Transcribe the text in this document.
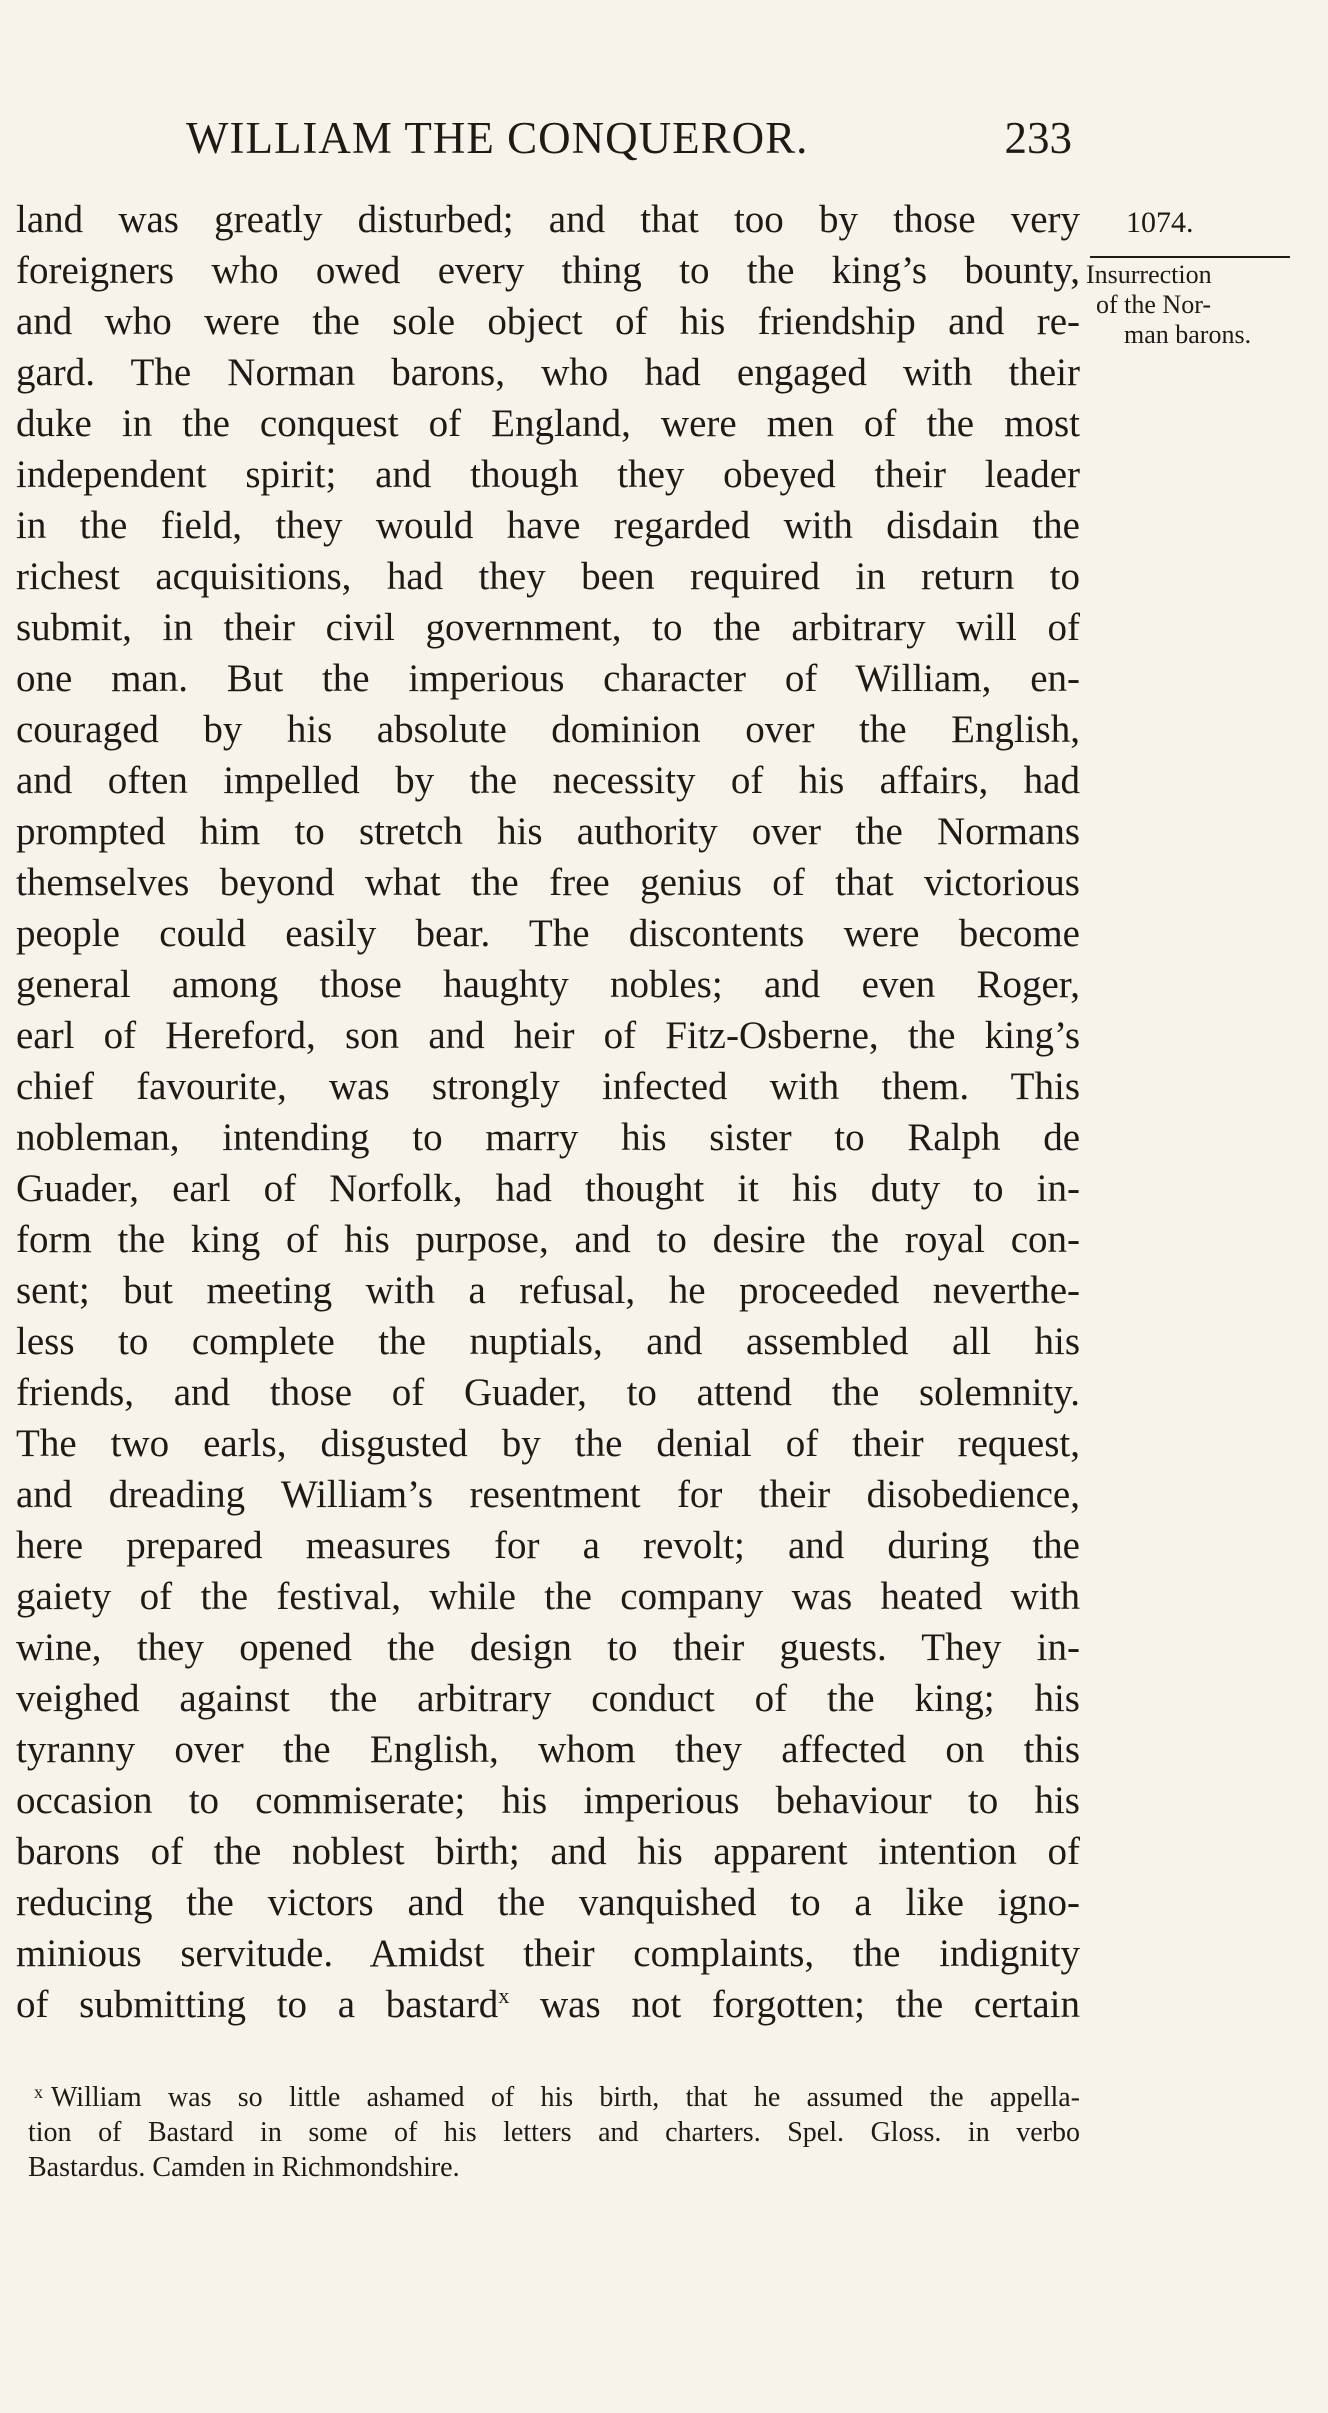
WILLIAM THE CONQUEROR.	233
1074.
Insurrection
of the Nor-
man barons.
land was greatly disturbed; and that too by those very
foreigners who owed every thing to the king’s bounty,
and who were the sole object of his friendship and re-
gard. The Norman barons, who had engaged with their
duke in the conquest of England, were men of the most
independent spirit; and though they obeyed their leader
in the field, they would have regarded with disdain the
richest acquisitions, had they been required in return to
submit, in their civil government, to the arbitrary will of
one man. But the imperious character of William, en-
couraged by his absolute dominion over the English,
and often impelled by the necessity of his affairs, had
prompted him to stretch his authority over the Normans
themselves beyond what the free genius of that victorious
people could easily bear. The discontents were become
general among those haughty nobles; and even Roger,
earl of Hereford, son and heir of Fitz-Osberne, the king’s
chief favourite, was strongly infected with them. This
nobleman, intending to marry his sister to Ralph de
Guader, earl of Norfolk, had thought it his duty to in-
form the king of his purpose, and to desire the royal con-
sent; but meeting with a refusal, he proceeded neverthe-
less to complete the nuptials, and assembled all his
friends, and those of Guader, to attend the solemnity.
The two earls, disgusted by the denial of their request,
and dreading William’s resentment for their disobedience,
here prepared measures for a revolt; and during the
gaiety of the festival, while the company was heated with
wine, they opened the design to their guests. They in-
veighed against the arbitrary conduct of the king; his
tyranny over the English, whom they affected on this
occasion to commiserate; his imperious behaviour to his
barons of the noblest birth; and his apparent intention of
reducing the victors and the vanquished to a like igno-
minious servitude. Amidst their complaints, the indignity
of submitting to a bastard$^x$ was not forgotten; the certain
$^x$ William was so little ashamed of his birth, that he assumed the appella-
tion of Bastard in some of his letters and charters. Spel. Gloss. in verbo
Bastardus. Camden in Richmondshire.
